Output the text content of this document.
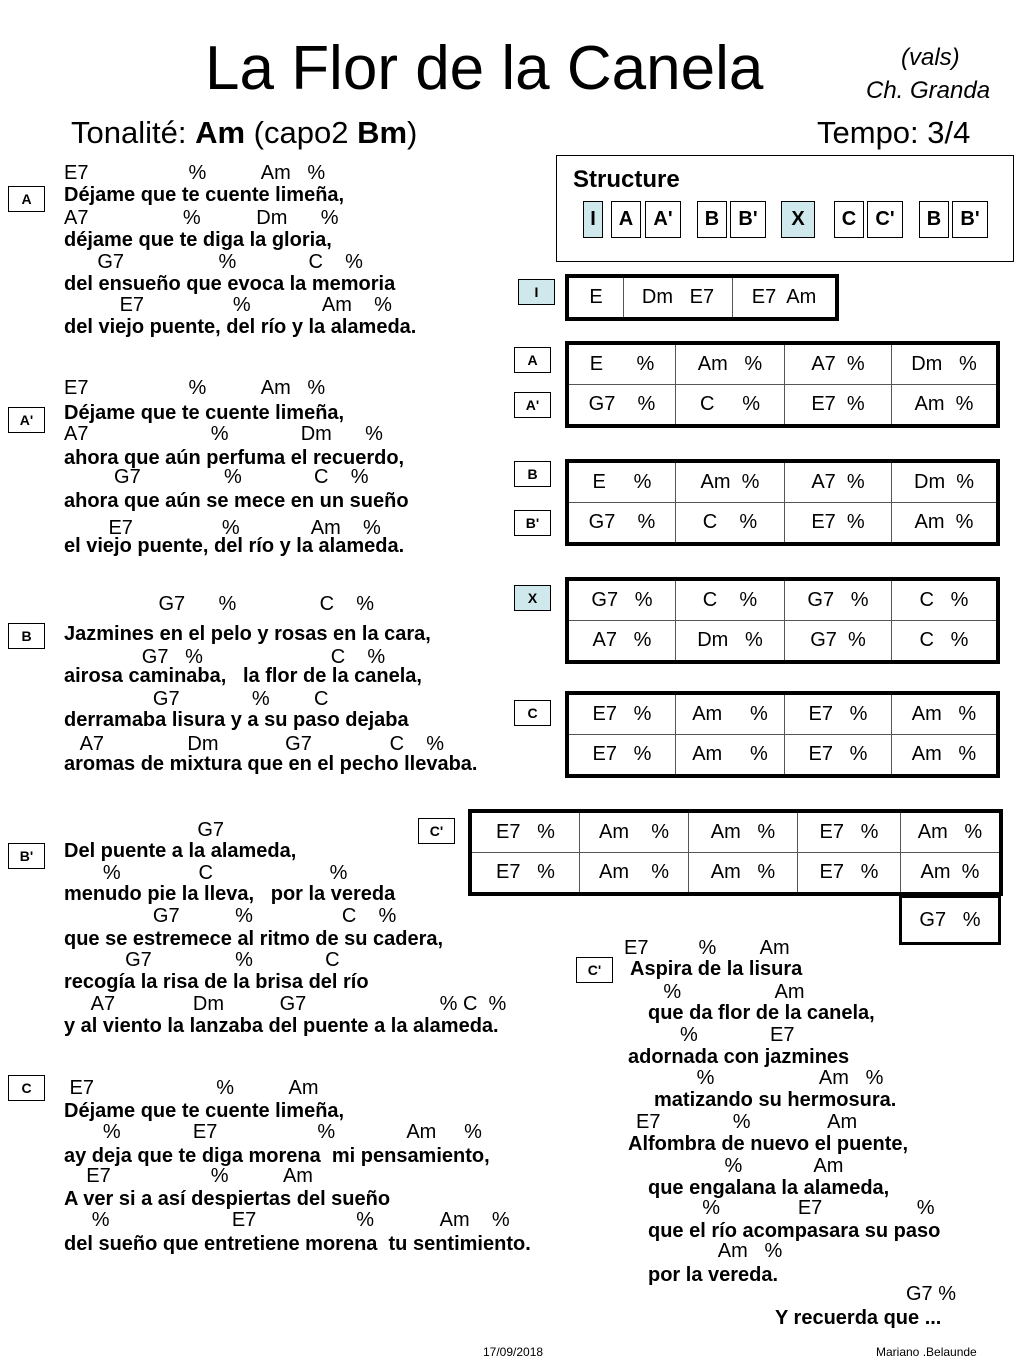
La Flor de la Canela	(vals)
Ch. Granda
Tonalité: Am (capo2 Bm)	Tempo: 3/4
Structure
I	A	A'	B B'	X	C C'	B B'
A
A'
B
B'
C
I
A
A'
B
B'
X
C
C'
C'
E	Dm   E7	E7  Am
E      %	Am   %	A7  %	Dm   %
G7    %	C     %	E7  %	Am  %
E     %	Am  %	A7  %	Dm  %
G7    %	C    %	E7  %	Am  %
G7   %	C    %	G7   %	C   %
A7   %	Dm   %	G7  %	C   %
E7   %	Am     %	E7   %	Am   %
E7   %	Am     %	E7   %	Am   %
E7   %	Am    %	Am   %	E7   %	Am   %
E7   %	Am    %	Am   %	E7   %	Am  %
G7   %
E7                  %          Am   %
Déjame que te cuente limeña,
A7                 %          Dm      %
déjame que te diga la gloria,
G7                 %             C    %
del ensueño que evoca la memoria
E7                %             Am    %
del viejo puente, del río y la alameda.
E7                  %          Am   %
Déjame que te cuente limeña,
A7                      %             Dm      %
ahora que aún perfuma el recuerdo,
G7               %             C    %
ahora que aún se mece en un sueño
E7                %             Am    %
el viejo puente, del río y la alameda.
G7      %               C    %
Jazmines en el pelo y rosas en la cara,
G7   %                       C    %
airosa caminaba,   la flor de la canela,
G7             %        C
derramaba lisura y a su paso dejaba
A7               Dm            G7              C    %
aromas de mixtura que en el pecho llevaba.
G7
Del puente a la alameda,
%              C                     %
menudo pie la lleva,   por la vereda
G7          %                C    %
que se estremece al ritmo de su cadera,
G7               %             C
recogía la risa de la brisa del río
A7              Dm          G7                        % C  %
y al viento la lanzaba del puente a la alameda.
E7                      %          Am
Déjame que te cuente limeña,
%             E7                  %             Am     %
ay deja que te diga morena  mi pensamiento,
E7                  %          Am
A ver si a así despiertas del sueño
%                      E7                  %            Am    %
del sueño que entretiene morena  tu sentimiento.
E7         %        Am
Aspira de la lisura
%                 Am
que da flor de la canela,
%             E7
adornada con jazmines
%                   Am   %
matizando su hermosura.
E7             %              Am
Alfombra de nuevo el puente,
%             Am
que engalana la alameda,
%              E7                 %
que el río acompasara su paso
Am   %
por la vereda.
G7 %
Y recuerda que ...
17/09/2018	Mariano .Belaunde
